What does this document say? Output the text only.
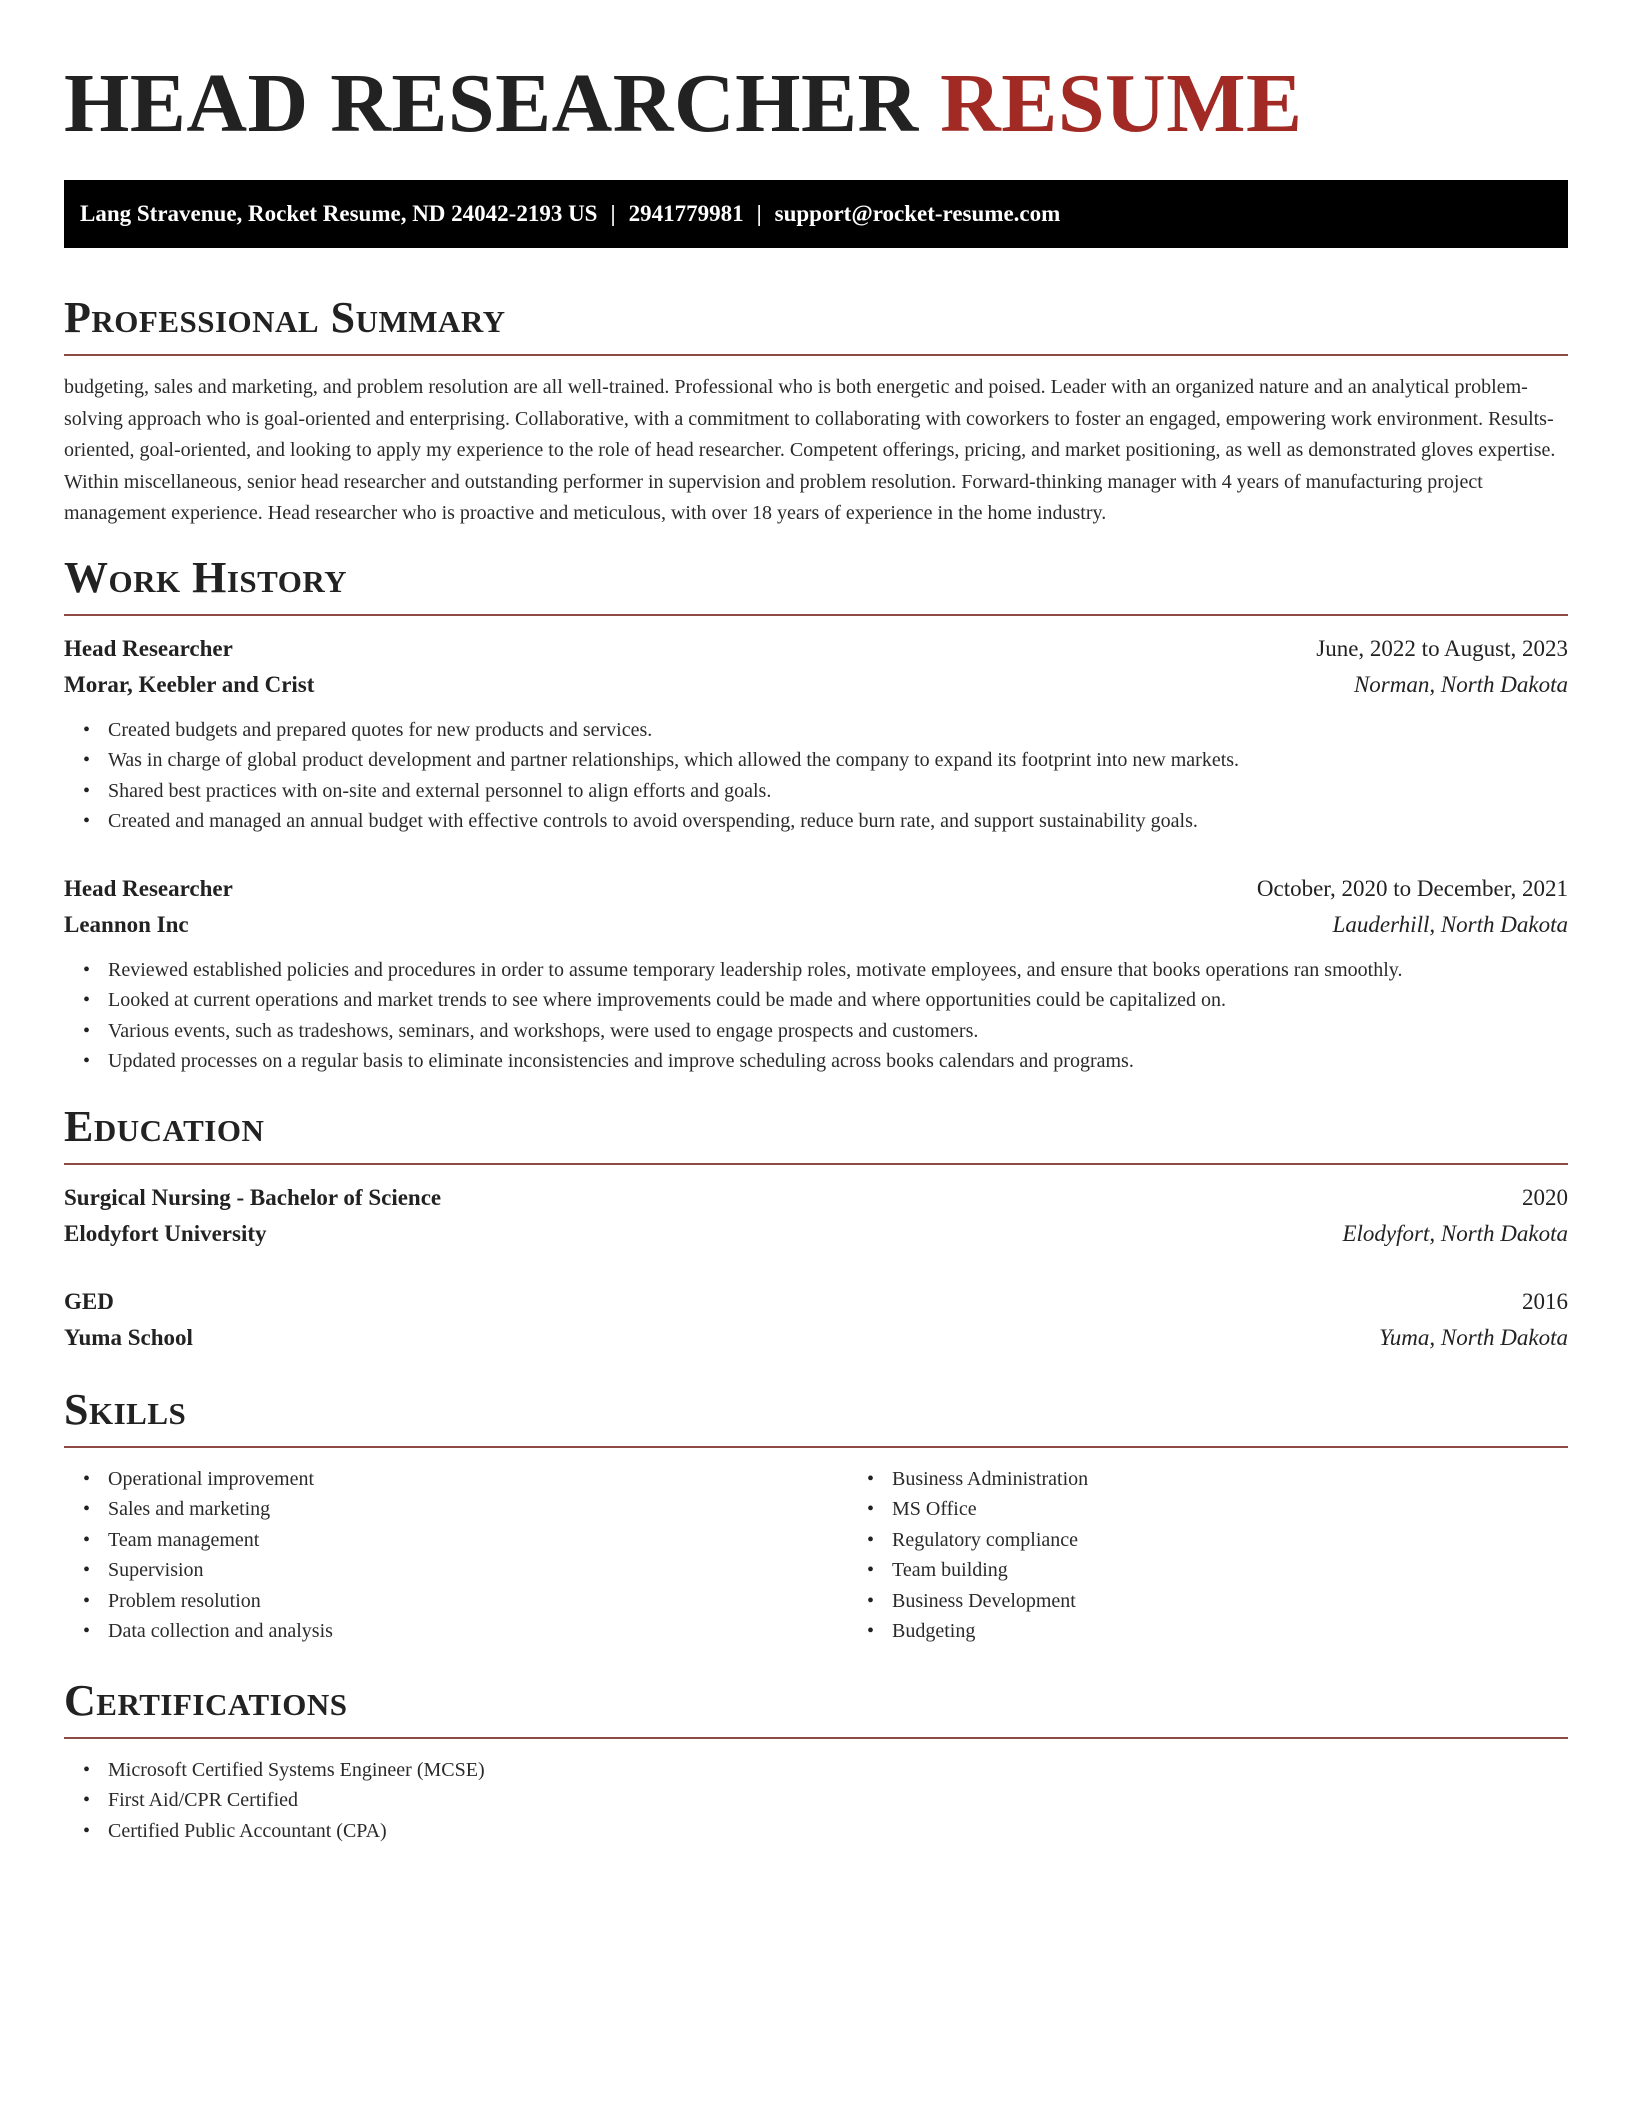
HEAD RESEARCHER RESUME
Lang Stravenue, Rocket Resume, ND 24042-2193 US | 2941779981 | support@rocket-resume.com
Professional Summary

budgeting, sales and marketing, and problem resolution are all well-trained. Professional who is both energetic and poised. Leader with an organized nature and an analytical problem-solving approach who is goal-oriented and enterprising. Collaborative, with a commitment to collaborating with coworkers to foster an engaged, empowering work environment. Results-oriented, goal-oriented, and looking to apply my experience to the role of head researcher. Competent offerings, pricing, and market positioning, as well as demonstrated gloves expertise. Within miscellaneous, senior head researcher and outstanding performer in supervision and problem resolution. Forward-thinking manager with 4 years of manufacturing project management experience. Head researcher who is proactive and meticulous, with over 18 years of experience in the home industry.

Work History
Head Researcher	June, 2022 to August, 2023
Morar, Keebler and Crist	Norman, North Dakota
• Created budgets and prepared quotes for new products and services.
• Was in charge of global product development and partner relationships, which allowed the company to expand its footprint into new markets.
• Shared best practices with on-site and external personnel to align efforts and goals.
• Created and managed an annual budget with effective controls to avoid overspending, reduce burn rate, and support sustainability goals.
Head Researcher	October, 2020 to December, 2021
Leannon Inc	Lauderhill, North Dakota
• Reviewed established policies and procedures in order to assume temporary leadership roles, motivate employees, and ensure that books operations ran smoothly.
• Looked at current operations and market trends to see where improvements could be made and where opportunities could be capitalized on.
• Various events, such as tradeshows, seminars, and workshops, were used to engage prospects and customers.
• Updated processes on a regular basis to eliminate inconsistencies and improve scheduling across books calendars and programs.
Education
Surgical Nursing - Bachelor of Science	2020
Elodyfort University	Elodyfort, North Dakota
GED	2016
Yuma School	Yuma, North Dakota
Skills
• Operational improvement
• Sales and marketing
• Team management
• Supervision
• Problem resolution
• Data collection and analysis
• Business Administration
• MS Office
• Regulatory compliance
• Team building
• Business Development
• Budgeting
Certifications
• Microsoft Certified Systems Engineer (MCSE)
• First Aid/CPR Certified
• Certified Public Accountant (CPA)
